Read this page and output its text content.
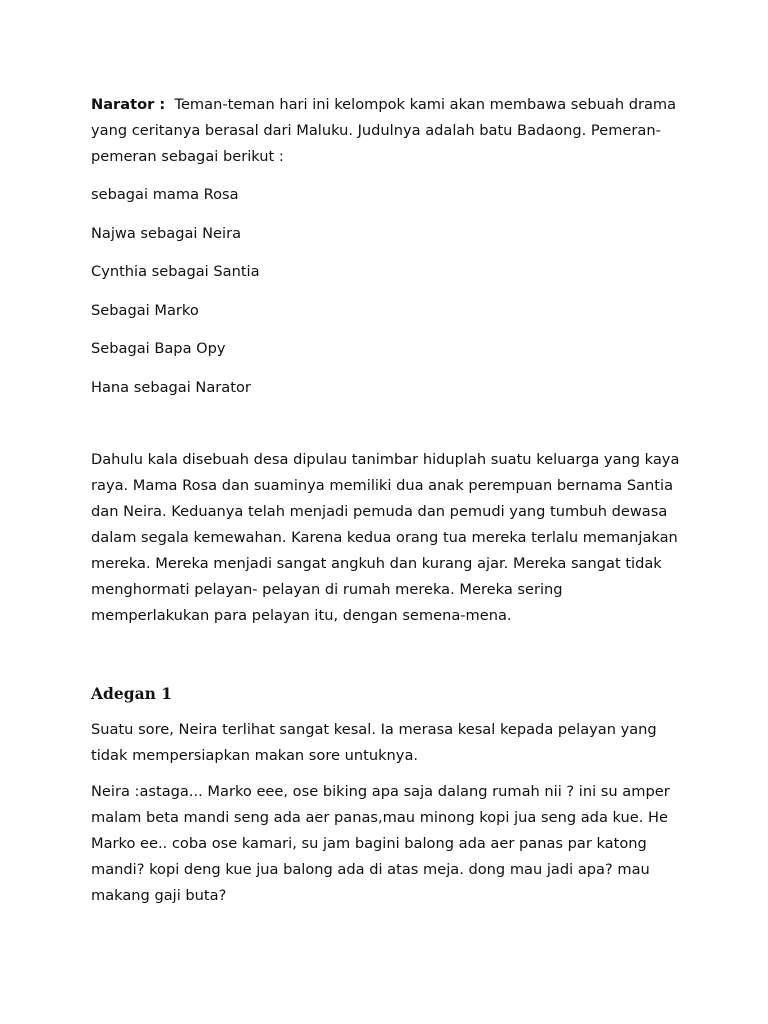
Narator : Teman-teman hari ini kelompok kami akan membawa sebuah drama yang ceritanya berasal dari Maluku. Judulnya adalah batu Badaong. Pemeran-pemeran sebagai berikut :

sebagai mama Rosa
Najwa sebagai Neira
Cynthia sebagai Santia
Sebagai Marko
Sebagai Bapa Opy
Hana sebagai Narator

Dahulu kala disebuah desa dipulau tanimbar hiduplah suatu keluarga yang kaya raya. Mama Rosa dan suaminya memiliki dua anak perempuan bernama Santia dan Neira. Keduanya telah menjadi pemuda dan pemudi yang tumbuh dewasa dalam segala kemewahan. Karena kedua orang tua mereka terlalu memanjakan mereka. Mereka menjadi sangat angkuh dan kurang ajar. Mereka sangat tidak menghormati pelayan- pelayan di rumah mereka. Mereka sering memperlakukan para pelayan itu, dengan semena-mena.

Adegan 1

Suatu sore, Neira terlihat sangat kesal. Ia merasa kesal kepada pelayan yang tidak mempersiapkan makan sore untuknya.

Neira :astaga... Marko eee, ose biking apa saja dalang rumah nii ? ini su amper malam beta mandi seng ada aer panas,mau minong kopi jua seng ada kue. He Marko ee.. coba ose kamari, su jam bagini balong ada aer panas par katong mandi? kopi deng kue jua balong ada di atas meja. dong mau jadi apa? mau makang gaji buta?
